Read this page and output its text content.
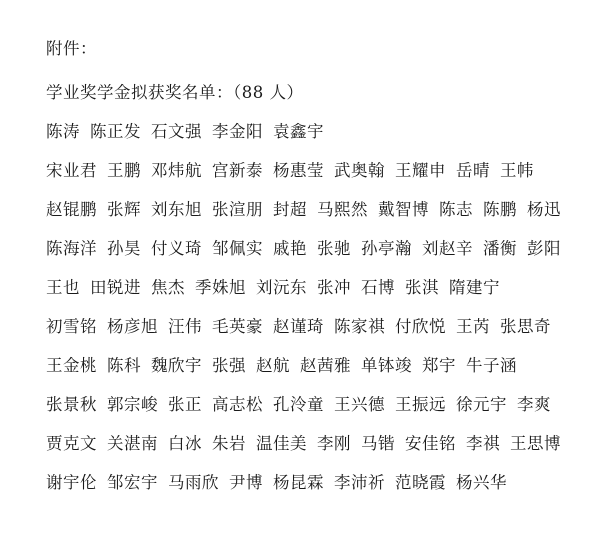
附件：
学业奖学金拟获奖名单：（88 人）
陈涛 陈正发 石文强 李金阳 袁鑫宇
宋业君 王鹏 邓炜航 宫新泰 杨惠莹 武奥翰 王耀申 岳晴 王帏
赵锟鹏 张辉 刘东旭 张渲朋 封超 马熙然 戴智博 陈志 陈鹏 杨迅
陈海洋 孙昊 付义琦 邹佩实 戚艳 张驰 孙亭瀚 刘赵辛 潘衡 彭阳
王也 田锐进 焦杰 季姝旭 刘沅东 张冲 石博 张淇 隋建宁
初雪铭 杨彦旭 汪伟 毛英豪 赵谨琦 陈家祺 付欣悦 王芮 张思奇
王金桃 陈科 魏欣宇 张强 赵航 赵茜雅 单钵竣 郑宇 牛子涵
张景秋 郭宗峻 张正 高志松 孔泠童 王兴德 王振远 徐元宇 李爽
贾克文 关湛南 白冰 朱岩 温佳美 李刚 马锴 安佳铭 李祺 王思博
谢宇伦 邹宏宇 马雨欣 尹博 杨昆霖 李沛祈 范晓霞 杨兴华
